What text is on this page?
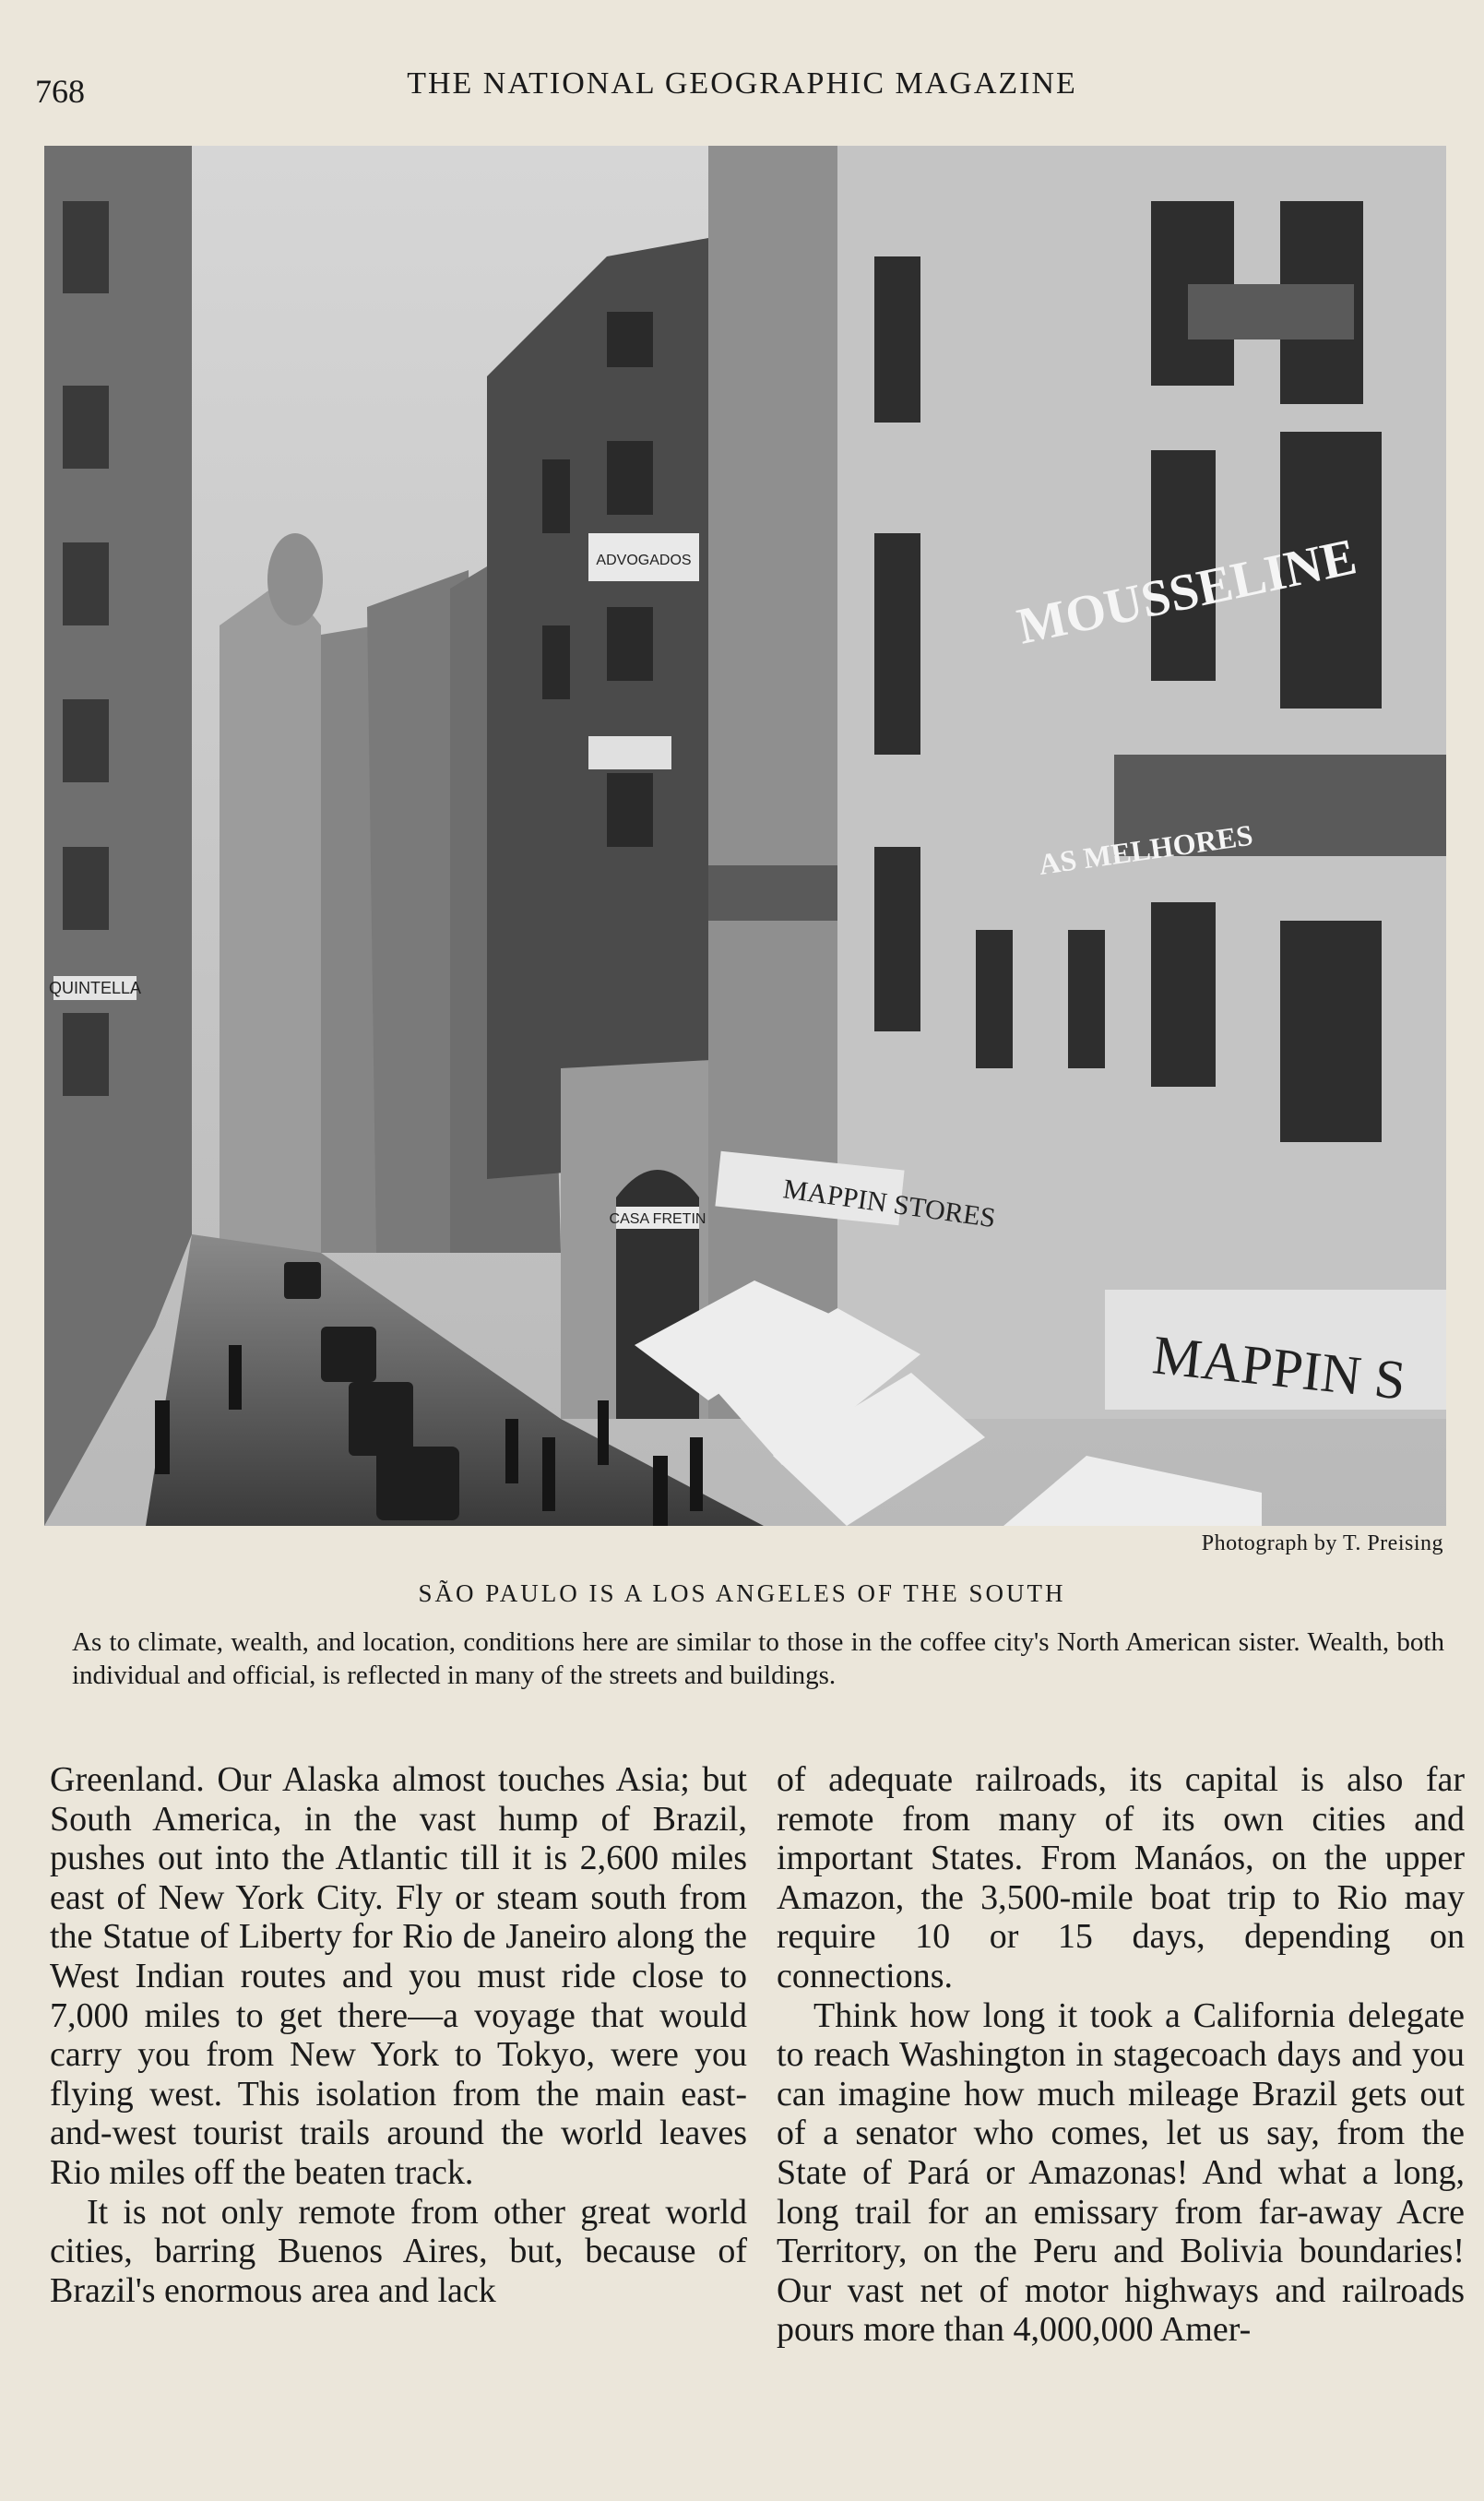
768	THE NATIONAL GEOGRAPHIC MAGAZINE
QUINTELLA
ADVOGADOS
CASA FRETIN
MOUSSELINE
AS MELHORES
MAPPIN STORES
MAPPIN S
Photograph by T. Preising
SÃO PAULO IS A LOS ANGELES OF THE SOUTH
As to climate, wealth, and location, conditions here are similar to those in the coffee city's North American sister. Wealth, both individual and official, is reflected in many of the streets and buildings.

Greenland. Our Alaska almost touches Asia; but South America, in the vast hump of Brazil, pushes out into the Atlantic till it is 2,600 miles east of New York City. Fly or steam south from the Statue of Liberty for Rio de Janeiro along the West Indian routes and you must ride close to 7,000 miles to get there—a voyage that would carry you from New York to Tokyo, were you flying west. This isolation from the main east-and-west tourist trails around the world leaves Rio miles off the beaten track.

It is not only remote from other great world cities, barring Buenos Aires, but, because of Brazil's enormous area and lack

of adequate railroads, its capital is also far remote from many of its own cities and important States. From Manáos, on the upper Amazon, the 3,500-mile boat trip to Rio may require 10 or 15 days, depending on connections.

Think how long it took a California delegate to reach Washington in stagecoach days and you can imagine how much mileage Brazil gets out of a senator who comes, let us say, from the State of Pará or Amazonas! And what a long, long trail for an emissary from far-away Acre Territory, on the Peru and Bolivia boundaries! Our vast net of motor highways and railroads pours more than 4,000,000 Amer-
